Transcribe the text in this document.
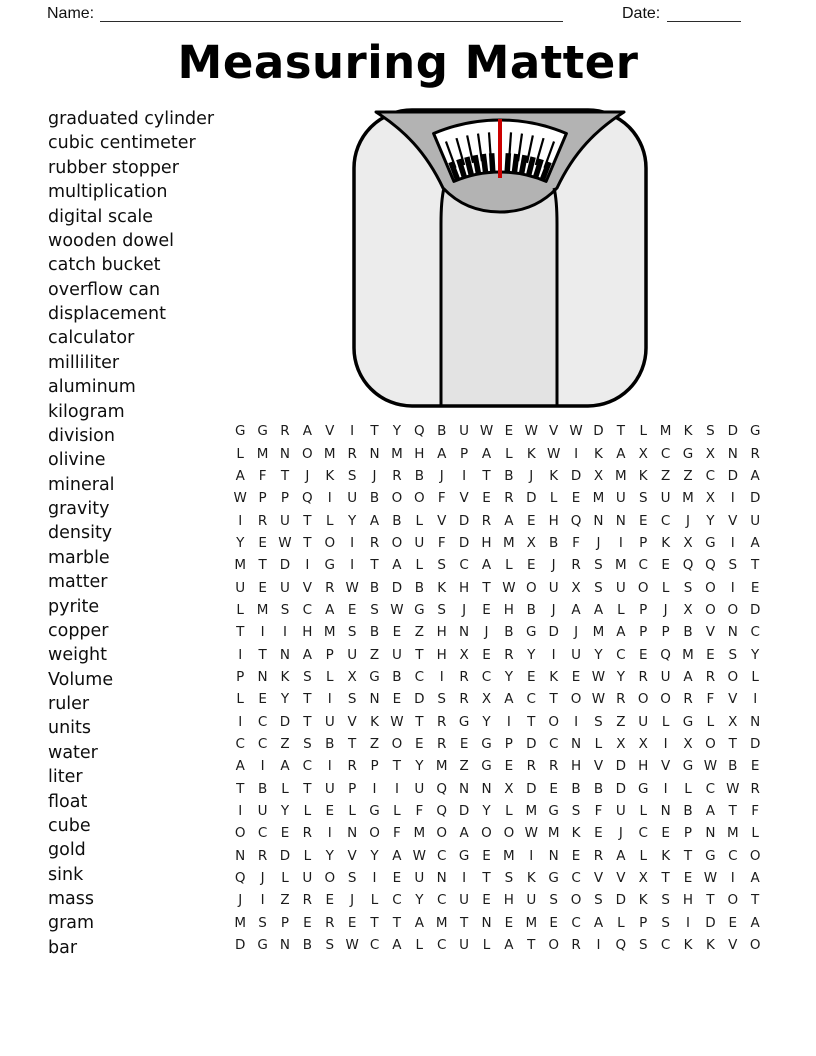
Name:	Date:
Measuring Matter
graduated cylinder
cubic centimeter
rubber stopper
multiplication
digital scale
wooden dowel
catch bucket
overflow can
displacement
calculator
milliliter
aluminum
kilogram
division
olivine
mineral
gravity
density
marble
matter
pyrite
copper
weight
Volume
ruler
units
water
liter
float
cube
gold
sink
mass
gram
bar
G G R A V	I	T	Y Q B U W E W V W D T	L M K	S D G
L M N O M R N M H A	P	A	L	K W	I	K A X C G X N R
A	F	T	J	K	S	J	R B	J	I	T	B	J	K D X M K Z Z C D A
W P	P Q	I	U B O O F	V	E R D L	E M U S U M X	I	D
I	R U T	L	Y	A B	L	V D R A	E H Q N N E C	J	Y	V U
Y	E W T O	I	R O U	F D H M X B	F	J	I	P	K X G	I	A
M T D	I	G	I	T	A	L	S C A	L	E	J	R S M C E Q Q S	T
U E U V R W B D B K H T W O U X S U O L	S O	I	E
L M S C A	E	S W G S	J	E H B	J	A A	L	P	J	X O O D
T	I	I	H M S B E	Z H N	J	B G D	J	M A	P	P	B V N C
I	T N A	P U Z U T H X	E R	Y	I	U Y	C E Q M E	S	Y
P N K	S	L	X G B C	I	R C	Y	E	K	E W Y	R U A R O L
L	E	Y	T	I	S N E D S R X A C	T O W R O O R	F	V	I
I	C D T U V K W T	R G Y	I	T O	I	S Z U	L G L	X N
C C Z S B	T	Z O E R E G P D C N	L	X X	I	X O T D
A	I	A C	I	R	P	T	Y M Z G E R R H V D H V G W B E
T	B	L	T U P	I	I	U Q N N X D E	B B D G	I	L	C W R
I	U Y	L	E	L G L	F Q D Y	L M G S	F	U	L	N B A	T	F
O C E R	I	N O F M O A O O W M K	E	J	C E	P N M L
N R D L	Y	V	Y	A W C G E M	I	N E R A	L	K	T G C O
Q	J	L	U O S	I	E U N	I	T	S	K G C V V X	T	E W	I	A
J	I	Z R E	J	L	C	Y	C U E H U S O S D K	S H T O T
M S	P	E R E	T	T	A M T N E M E C A	L	P	S	I	D E	A
D G N B S W C A	L	C U	L	A	T O R	I	Q S C K	K V O
